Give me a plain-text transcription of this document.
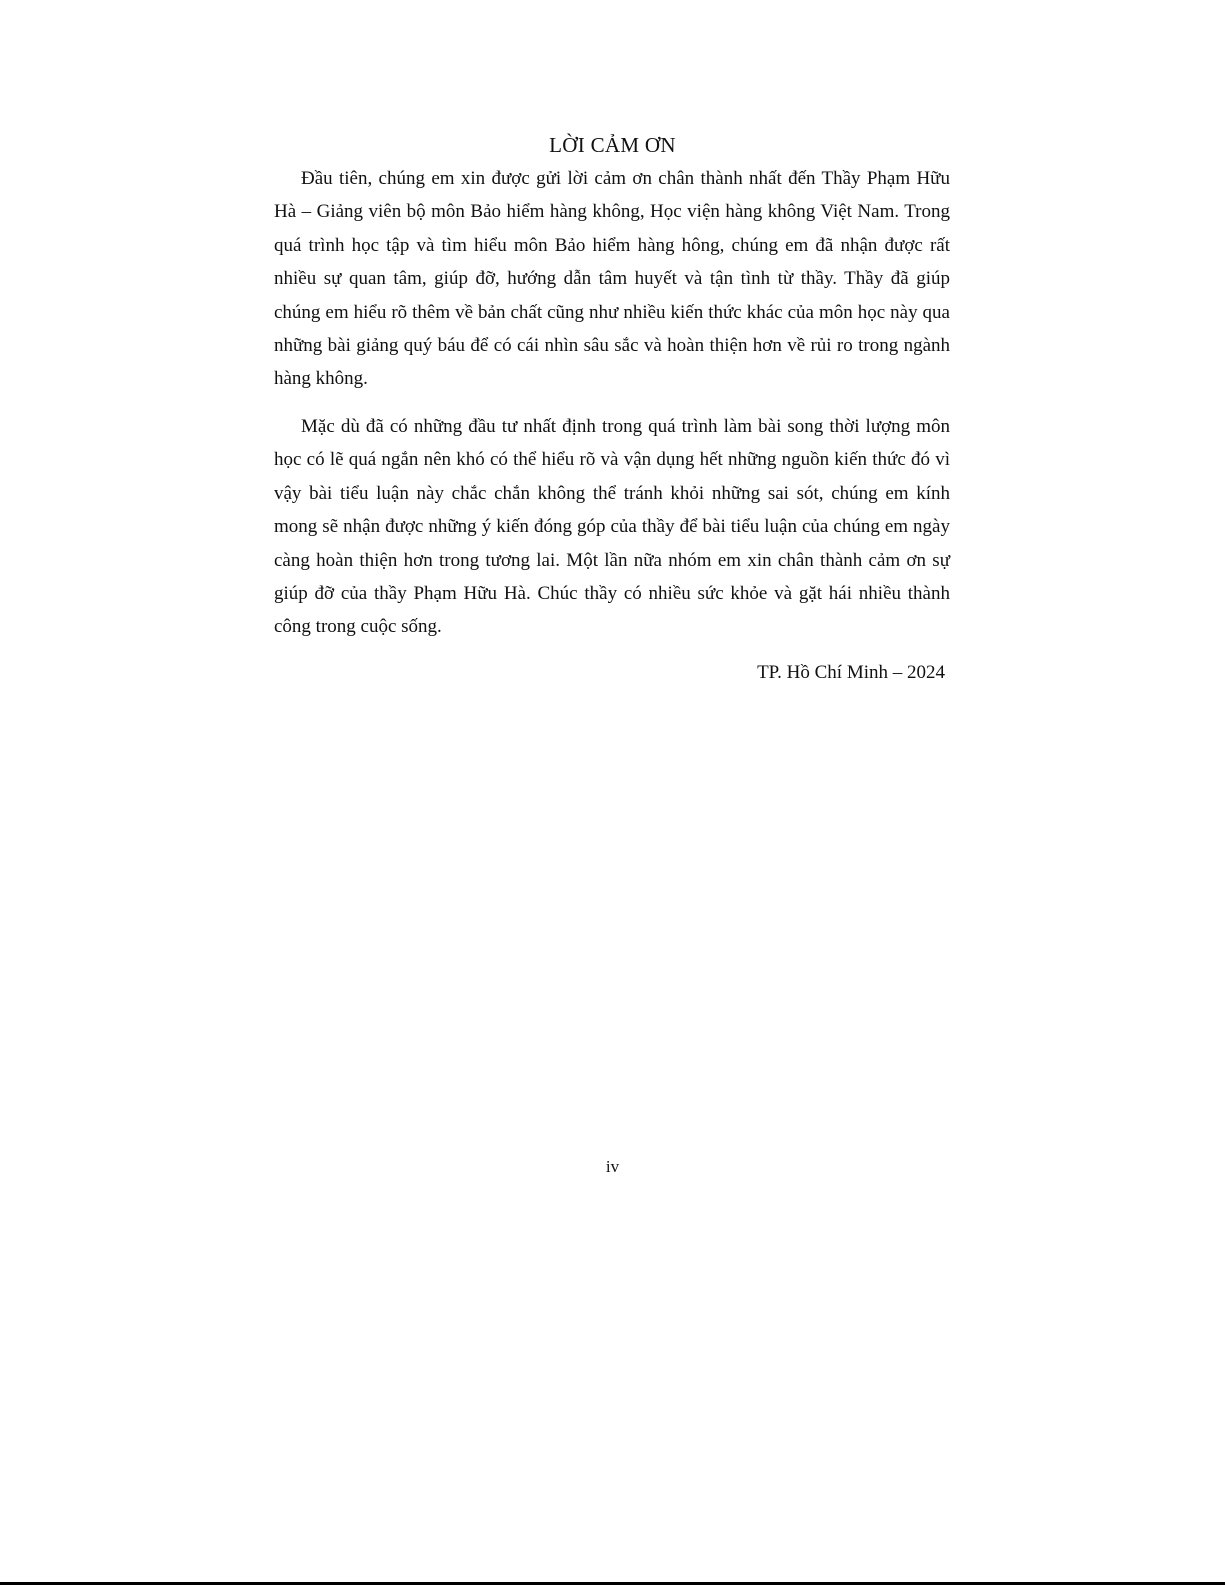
LỜI CẢM ƠN

Đầu tiên, chúng em xin được gửi lời cảm ơn chân thành nhất đến Thầy Phạm Hữu Hà – Giảng viên bộ môn Bảo hiểm hàng không, Học viện hàng không Việt Nam. Trong quá trình học tập và tìm hiểu môn Bảo hiểm hàng hông, chúng em đã nhận được rất nhiều sự quan tâm, giúp đỡ, hướng dẫn tâm huyết và tận tình từ thầy. Thầy đã giúp chúng em hiểu rõ thêm về bản chất cũng như nhiều kiến thức khác của môn học này qua những bài giảng quý báu để có cái nhìn sâu sắc và hoàn thiện hơn về rủi ro trong ngành hàng không.

Mặc dù đã có những đầu tư nhất định trong quá trình làm bài song thời lượng môn học có lẽ quá ngắn nên khó có thể hiểu rõ và vận dụng hết những nguồn kiến thức đó vì vậy bài tiểu luận này chắc chắn không thể tránh khỏi những sai sót, chúng em kính mong sẽ nhận được những ý kiến đóng góp của thầy để bài tiểu luận của chúng em ngày càng hoàn thiện hơn trong tương lai. Một lần nữa nhóm em xin chân thành cảm ơn sự giúp đỡ của thầy Phạm Hữu Hà. Chúc thầy có nhiều sức khỏe và gặt hái nhiều thành công trong cuộc sống.

TP. Hồ Chí Minh – 2024

iv
